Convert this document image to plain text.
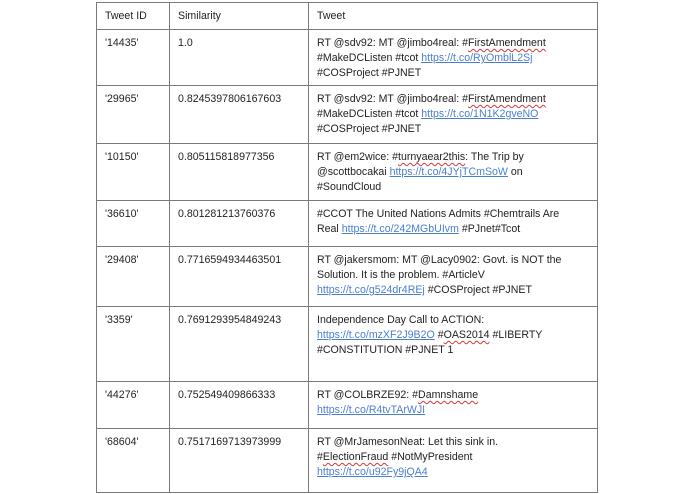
Tweet ID	Similarity	Tweet
'14435'	1.0	RT @sdv92: MT @jimbo4real: #FirstAmendment
#MakeDCListen #tcot https://t.co/RyOmblL2Sj
#COSProject #PJNET
'29965'	0.8245397806167603	RT @sdv92: MT @jimbo4real: #FirstAmendment
#MakeDCListen #tcot https://t.co/1N1K2gveNO
#COSProject #PJNET
'10150'	0.805115818977356	RT @em2wice: #turnyaear2this: The Trip by
@scottbocakai https://t.co/4JYjTCmSoW on
#SoundCloud
'36610'	0.801281213760376	#CCOT The United Nations Admits #Chemtrails Are
Real https://t.co/242MGbUIvm #PJnet#Tcot
'29408'	0.7716594934463501	RT @jakersmom: MT @Lacy0902: Govt. is NOT the
Solution. It is the problem. #ArticleV
https://t.co/g524dr4REj #COSProject #PJNET
'3359'	0.7691293954849243	Independence Day Call to ACTION:
https://t.co/mzXF2J9B2O #OAS2014 #LIBERTY
#CONSTITUTION #PJNET 1
'44276'	0.752549409866333	RT @COLBRZE92: #Damnshame
https://t.co/R4tvTArWJI
'68604'	0.7517169713973999	RT @MrJamesonNeat: Let this sink in.
#ElectionFraud #NotMyPresident
https://t.co/u92Fy9jQA4
